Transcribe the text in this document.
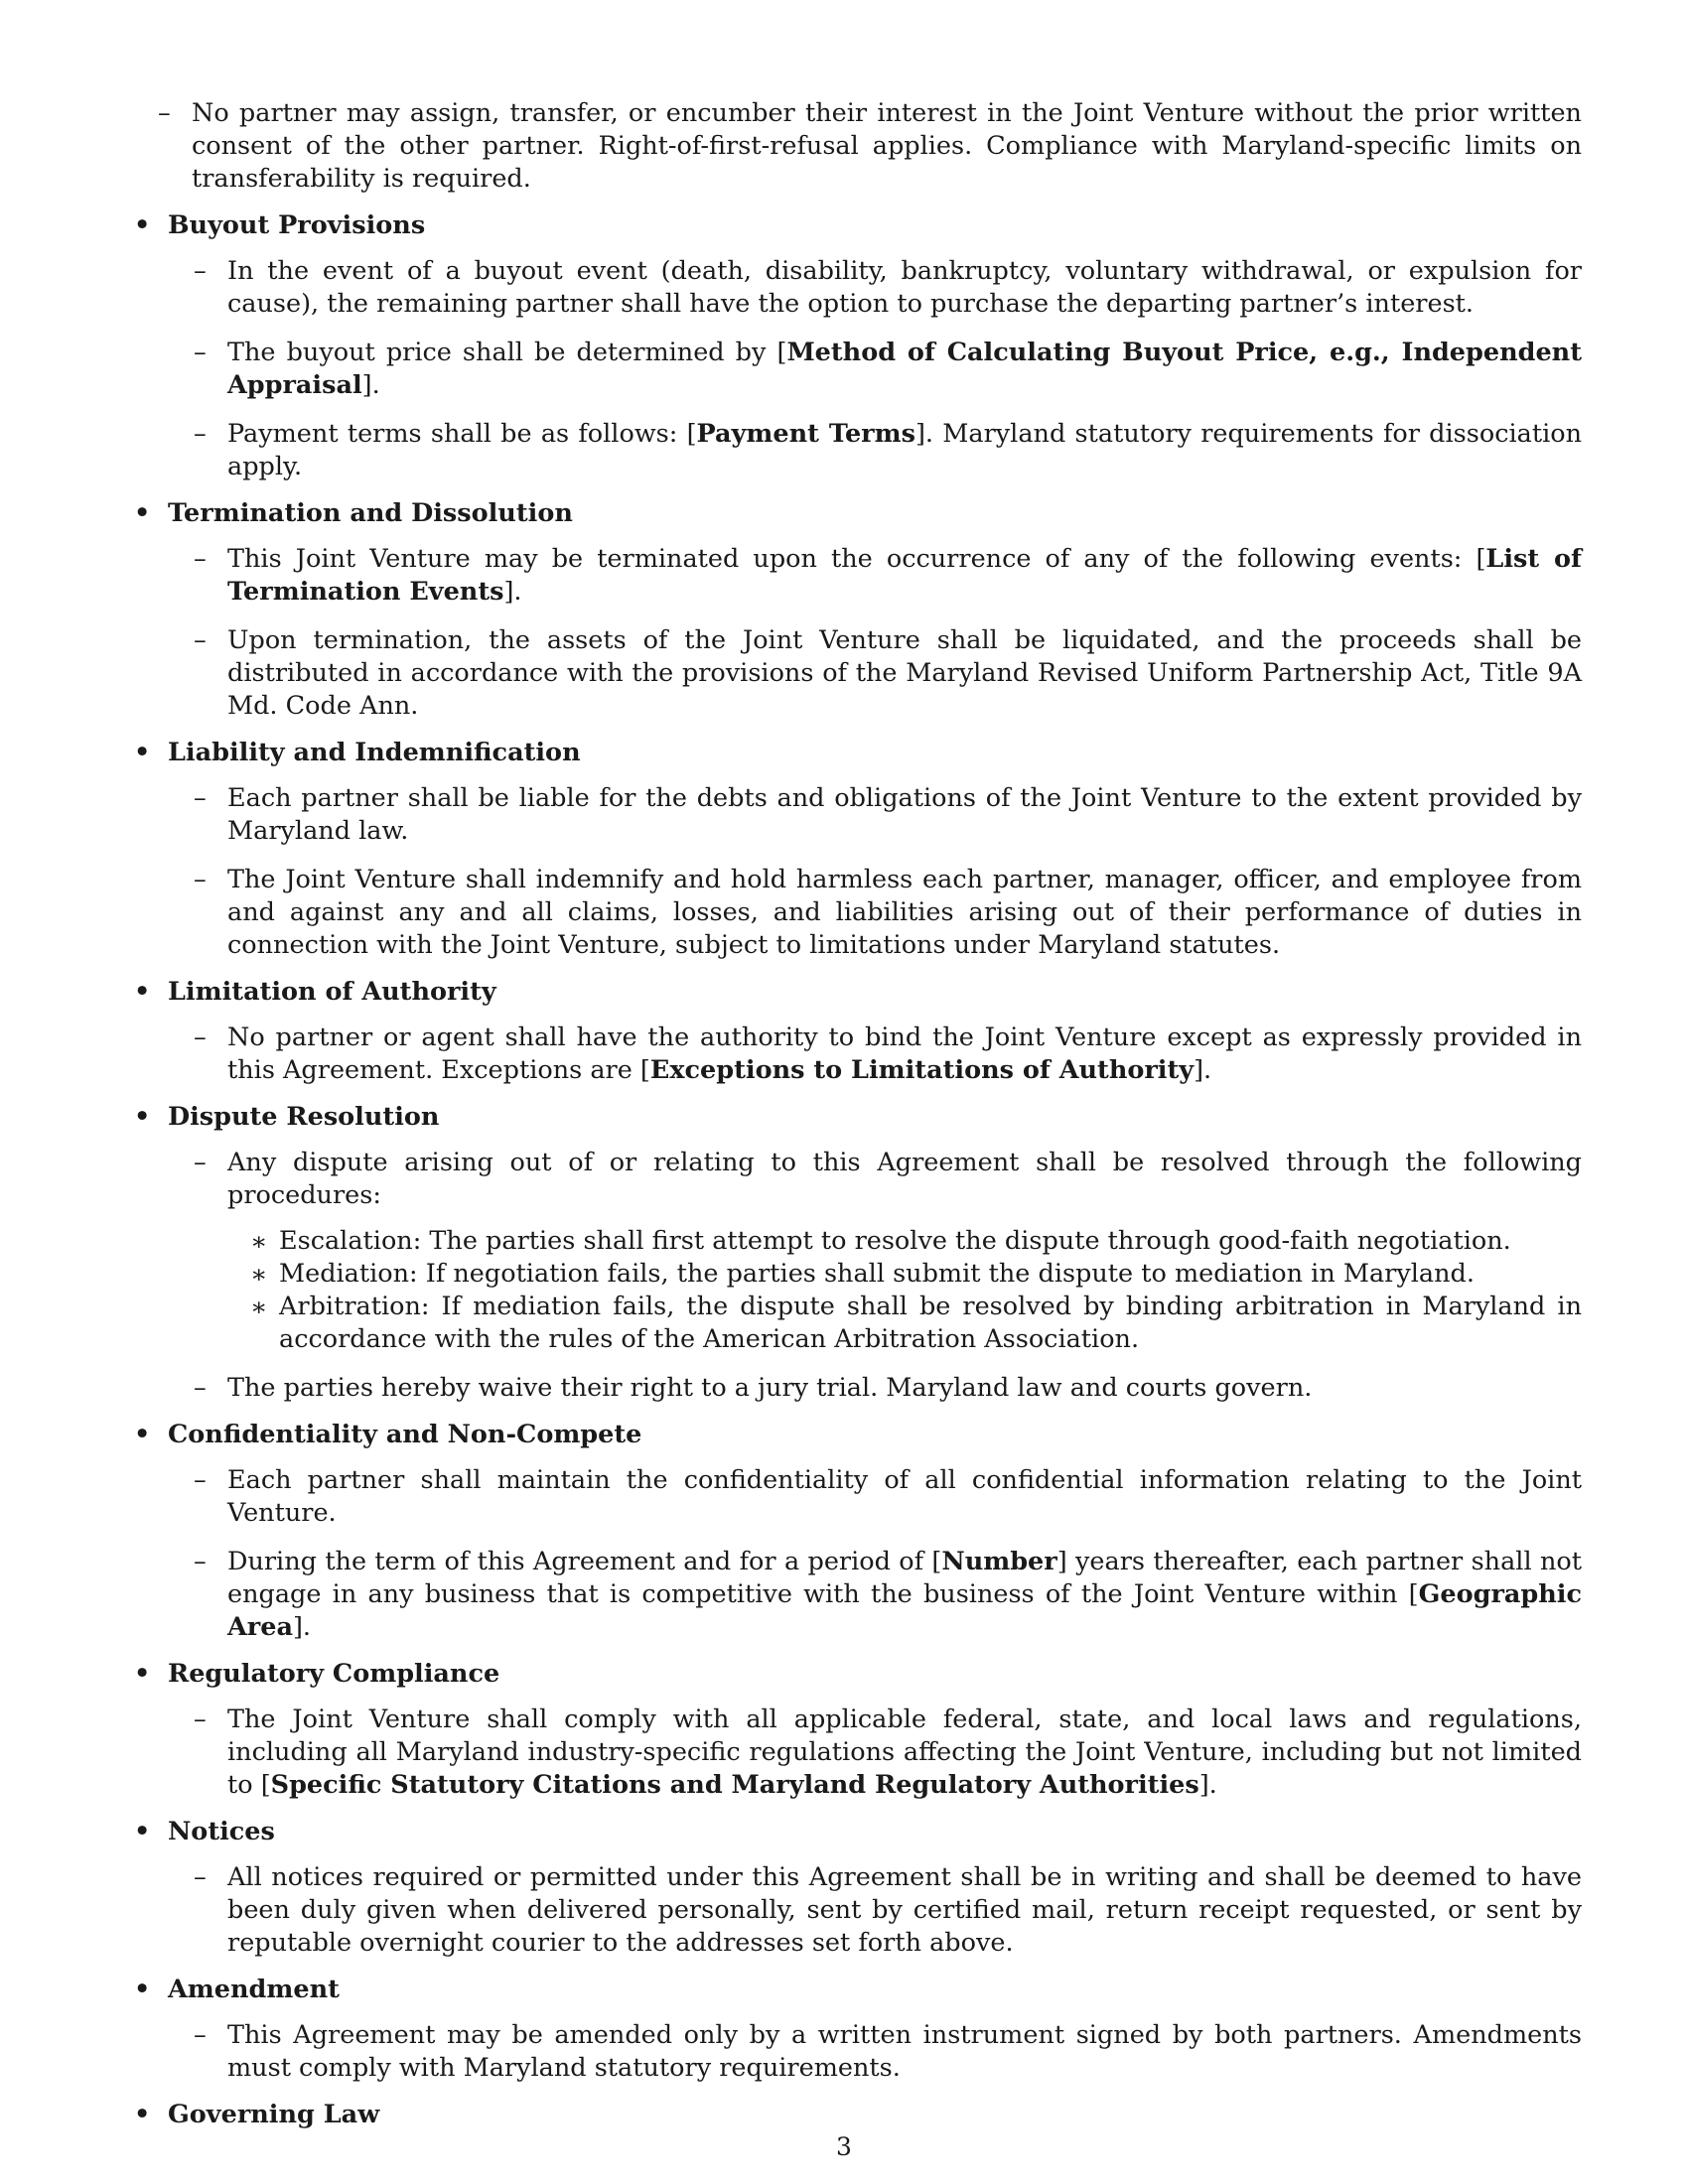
– No partner may assign, transfer, or encumber their interest in the Joint Venture without the prior written consent of the other partner. Right-of-first-refusal applies. Compliance with Maryland-specific limits on transferability is required.
• Buyout Provisions
– In the event of a buyout event (death, disability, bankruptcy, voluntary withdrawal, or expulsion for cause), the remaining partner shall have the option to purchase the departing partner’s interest.
– The buyout price shall be determined by [Method of Calculating Buyout Price, e.g., Independent Appraisal].
– Payment terms shall be as follows: [Payment Terms]. Maryland statutory requirements for dissociation apply.
• Termination and Dissolution
– This Joint Venture may be terminated upon the occurrence of any of the following events: [List of Termination Events].
– Upon termination, the assets of the Joint Venture shall be liquidated, and the proceeds shall be distributed in accordance with the provisions of the Maryland Revised Uniform Partnership Act, Title 9A Md. Code Ann.
• Liability and Indemnification
– Each partner shall be liable for the debts and obligations of the Joint Venture to the extent provided by Maryland law.
– The Joint Venture shall indemnify and hold harmless each partner, manager, officer, and employee from and against any and all claims, losses, and liabilities arising out of their performance of duties in connection with the Joint Venture, subject to limitations under Maryland statutes.
• Limitation of Authority
– No partner or agent shall have the authority to bind the Joint Venture except as expressly provided in this Agreement. Exceptions are [Exceptions to Limitations of Authority].
• Dispute Resolution
– Any dispute arising out of or relating to this Agreement shall be resolved through the following procedures:
∗ Escalation: The parties shall first attempt to resolve the dispute through good-faith negotiation.
∗ Mediation: If negotiation fails, the parties shall submit the dispute to mediation in Maryland.
∗ Arbitration: If mediation fails, the dispute shall be resolved by binding arbitration in Maryland in accordance with the rules of the American Arbitration Association.
– The parties hereby waive their right to a jury trial. Maryland law and courts govern.
• Confidentiality and Non-Compete
– Each partner shall maintain the confidentiality of all confidential information relating to the Joint Venture.
– During the term of this Agreement and for a period of [Number] years thereafter, each partner shall not engage in any business that is competitive with the business of the Joint Venture within [Geographic Area].
• Regulatory Compliance
– The Joint Venture shall comply with all applicable federal, state, and local laws and regulations, including all Maryland industry-specific regulations affecting the Joint Venture, including but not limited to [Specific Statutory Citations and Maryland Regulatory Authorities].
• Notices
– All notices required or permitted under this Agreement shall be in writing and shall be deemed to have been duly given when delivered personally, sent by certified mail, return receipt requested, or sent by reputable overnight courier to the addresses set forth above.
• Amendment
– This Agreement may be amended only by a written instrument signed by both partners. Amendments must comply with Maryland statutory requirements.
• Governing Law
3
